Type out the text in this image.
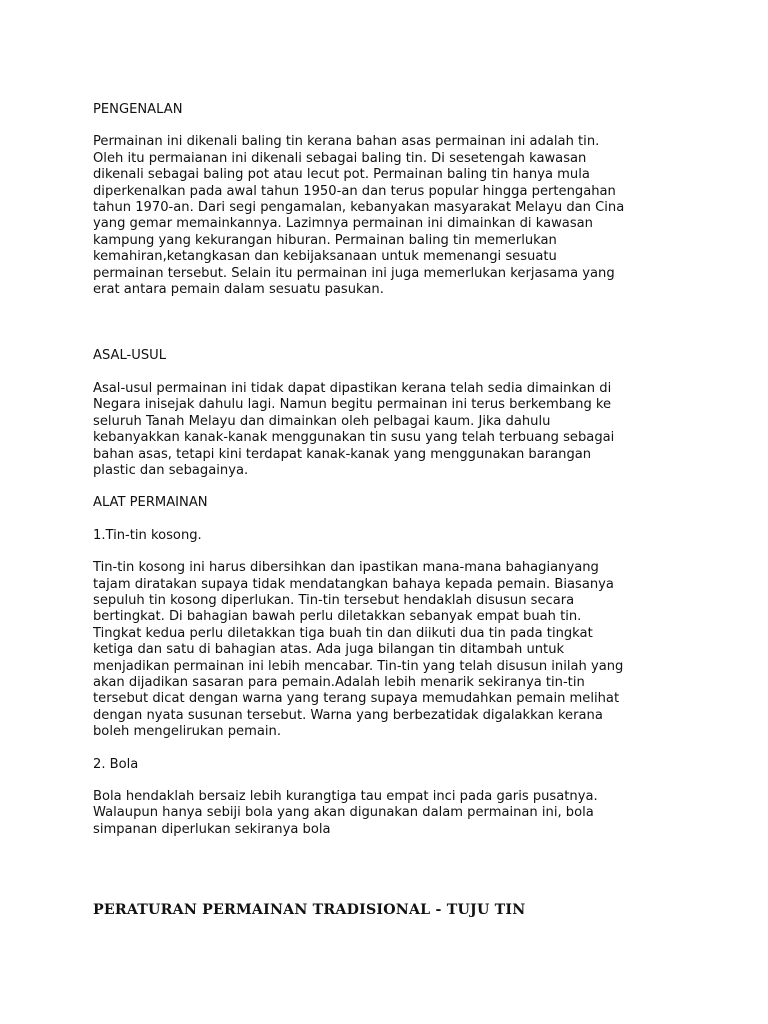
PENGENALAN

Permainan ini dikenali baling tin kerana bahan asas permainan ini adalah tin.
Oleh itu permaianan ini dikenali sebagai baling tin. Di sesetengah kawasan
dikenali sebagai baling pot atau lecut pot. Permainan baling tin hanya mula
diperkenalkan pada awal tahun 1950-an dan terus popular hingga pertengahan
tahun 1970-an. Dari segi pengamalan, kebanyakan masyarakat Melayu dan Cina
yang gemar memainkannya. Lazimnya permainan ini dimainkan di kawasan
kampung yang kekurangan hiburan. Permainan baling tin memerlukan
kemahiran,ketangkasan dan kebijaksanaan untuk memenangi sesuatu
permainan tersebut. Selain itu permainan ini juga memerlukan kerjasama yang
erat antara pemain dalam sesuatu pasukan.

ASAL-USUL

Asal-usul permainan ini tidak dapat dipastikan kerana telah sedia dimainkan di
Negara inisejak dahulu lagi. Namun begitu permainan ini terus berkembang ke
seluruh Tanah Melayu dan dimainkan oleh pelbagai kaum. Jika dahulu
kebanyakkan kanak-kanak menggunakan tin susu yang telah terbuang sebagai
bahan asas, tetapi kini terdapat kanak-kanak yang menggunakan barangan
plastic dan sebagainya.

ALAT PERMAINAN

1.Tin-tin kosong.

Tin-tin kosong ini harus dibersihkan dan ipastikan mana-mana bahagianyang
tajam diratakan supaya tidak mendatangkan bahaya kepada pemain. Biasanya
sepuluh tin kosong diperlukan. Tin-tin tersebut hendaklah disusun secara
bertingkat. Di bahagian bawah perlu diletakkan sebanyak empat buah tin.
Tingkat kedua perlu diletakkan tiga buah tin dan diikuti dua tin pada tingkat
ketiga dan satu di bahagian atas. Ada juga bilangan tin ditambah untuk
menjadikan permainan ini lebih mencabar. Tin-tin yang telah disusun inilah yang
akan dijadikan sasaran para pemain.Adalah lebih menarik sekiranya tin-tin
tersebut dicat dengan warna yang terang supaya memudahkan pemain melihat
dengan nyata susunan tersebut. Warna yang berbezatidak digalakkan kerana
boleh mengelirukan pemain.

2. Bola

Bola hendaklah bersaiz lebih kurangtiga tau empat inci pada garis pusatnya.
Walaupun hanya sebiji bola yang akan digunakan dalam permainan ini, bola
simpanan diperlukan sekiranya bola

PERATURAN PERMAINAN TRADISIONAL - TUJU TIN
